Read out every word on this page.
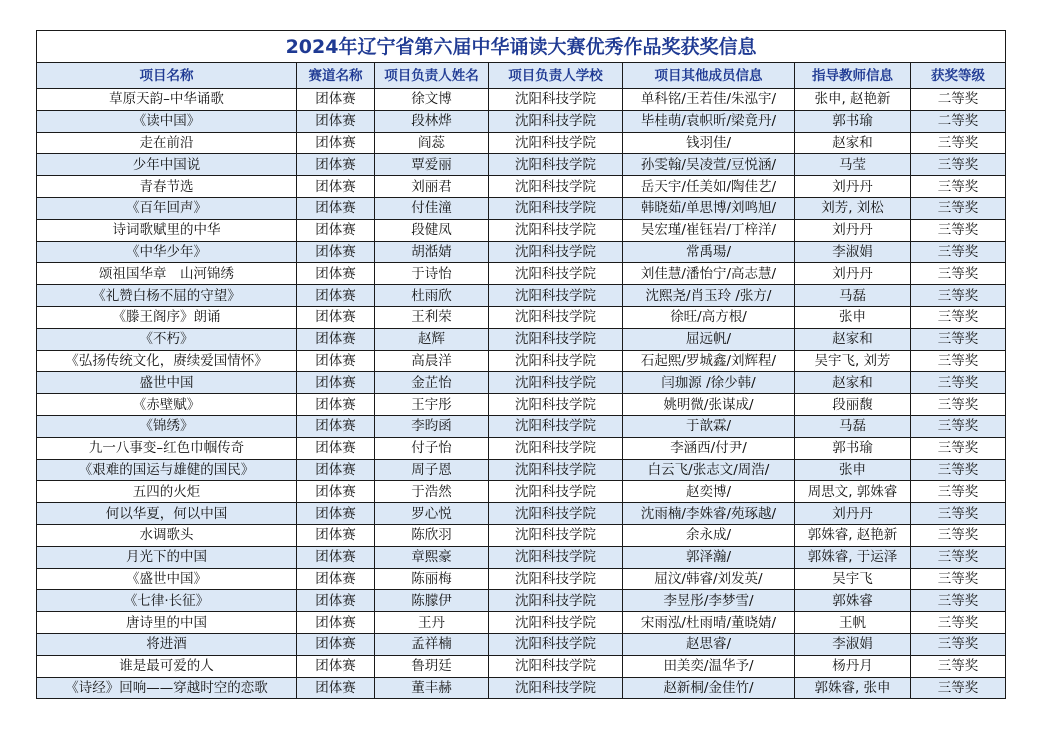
2024年辽宁省第六届中华诵读大赛优秀作品奖获奖信息						
项目名称	赛道名称	项目负责人姓名	项目负责人学校	项目其他成员信息	指导教师信息	获奖等级
草原天韵–中华诵歌	团体赛	徐文博	沈阳科技学院	单科铭/王若佳/朱泓宇/	张申, 赵艳新	二等奖
《读中国》	团体赛	段林烨	沈阳科技学院	毕桂萌/袁帜昕/梁竟丹/	郭书瑜	二等奖
走在前沿	团体赛	阎蕊	沈阳科技学院	钱羽佳/	赵家和	三等奖
少年中国说	团体赛	覃爱丽	沈阳科技学院	孙雯翰/吴凌萱/豆悦涵/	马莹	三等奖
青春节选	团体赛	刘丽君	沈阳科技学院	岳天宇/任美如/陶佳艺/	刘丹丹	三等奖
《百年回声》	团体赛	付佳潼	沈阳科技学院	韩晓茹/单思博/刘鸣旭/	刘芳, 刘松	三等奖
诗词歌赋里的中华	团体赛	段健凤	沈阳科技学院	吴宏瑾/崔钰岩/丁梓洋/	刘丹丹	三等奖
《中华少年》	团体赛	胡湉婧	沈阳科技学院	常禹瑒/	李淑娟	三等奖
颂祖国华章　山河锦绣	团体赛	于诗怡	沈阳科技学院	刘佳慧/潘怡宁/高志慧/	刘丹丹	三等奖
《礼赞白杨不屈的守望》	团体赛	杜雨欣	沈阳科技学院	沈熙尧/肖玉玲 /张方/	马磊	三等奖
《滕王阁序》朗诵	团体赛	王利荣	沈阳科技学院	徐旺/高方根/	张申	三等奖
《不朽》	团体赛	赵辉	沈阳科技学院	屈远帆/	赵家和	三等奖
《弘扬传统文化，赓续爱国情怀》	团体赛	高晨洋	沈阳科技学院	石起熙/罗城鑫/刘辉程/	吴宇飞, 刘芳	三等奖
盛世中国	团体赛	金芷怡	沈阳科技学院	闫珈源 /徐少韩/	赵家和	三等奖
《赤壁赋》	团体赛	王宇彤	沈阳科技学院	姚明微/张谋成/	段丽馥	三等奖
《锦绣》	团体赛	李昀函	沈阳科技学院	于歆霖/	马磊	三等奖
九一八事变–红色巾帼传奇	团体赛	付子怡	沈阳科技学院	李涵西/付尹/	郭书瑜	三等奖
《艰难的国运与雄健的国民》	团体赛	周子恩	沈阳科技学院	白云飞/张志文/周浩/	张申	三等奖
五四的火炬	团体赛	于浩然	沈阳科技学院	赵奕博/	周思文, 郭姝睿	三等奖
何以华夏，何以中国	团体赛	罗心悦	沈阳科技学院	沈雨楠/李姝睿/苑琢越/	刘丹丹	三等奖
水调歌头	团体赛	陈欣羽	沈阳科技学院	余永成/	郭姝睿, 赵艳新	三等奖
月光下的中国	团体赛	章熙豪	沈阳科技学院	郭泽瀚/	郭姝睿, 于运泽	三等奖
《盛世中国》	团体赛	陈丽梅	沈阳科技学院	屈汶/韩睿/刘发英/	吴宇飞	三等奖
《七律·长征》	团体赛	陈朦伊	沈阳科技学院	李昱彤/李梦雪/	郭姝睿	三等奖
唐诗里的中国	团体赛	王丹	沈阳科技学院	宋雨泓/杜雨晴/董晓婧/	王帆	三等奖
将进酒	团体赛	孟祥楠	沈阳科技学院	赵思睿/	李淑娟	三等奖
谁是最可爱的人	团体赛	鲁玥廷	沈阳科技学院	田美奕/温华予/	杨丹月	三等奖
《诗经》回响——穿越时空的恋歌	团体赛	董丰赫	沈阳科技学院	赵新桐/金佳竹/	郭姝睿, 张申	三等奖
